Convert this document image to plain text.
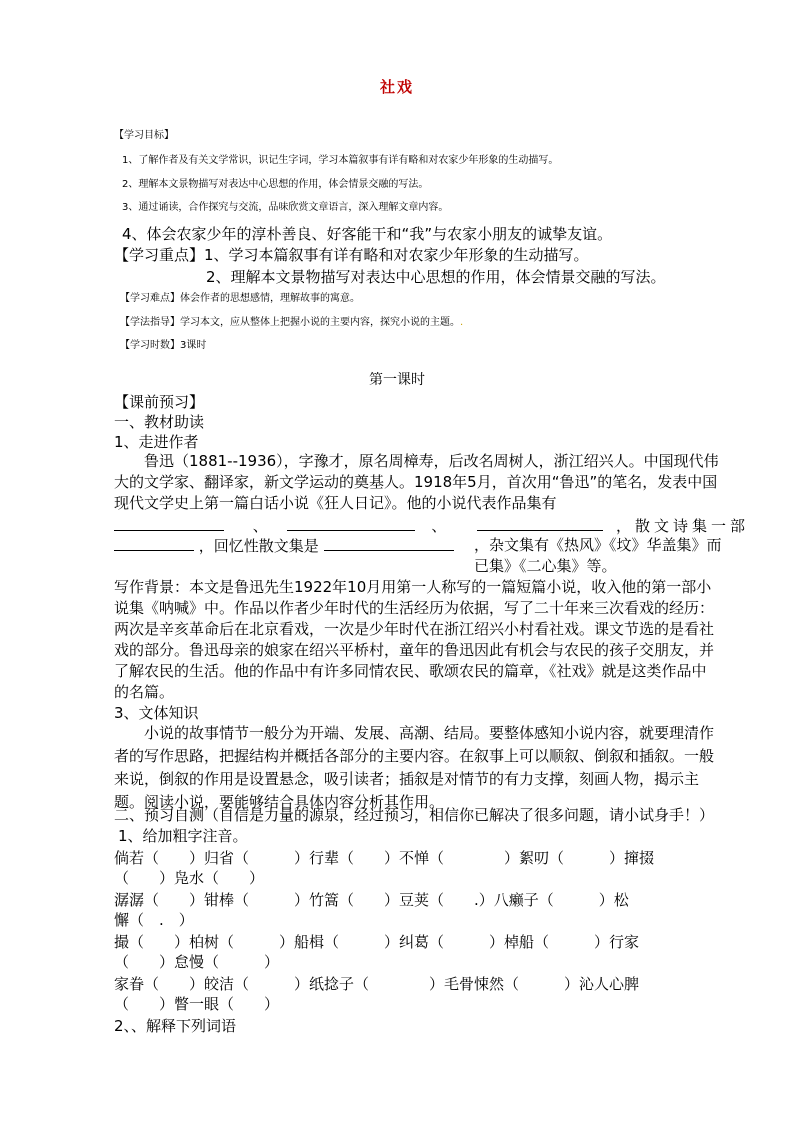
社戏
【学习目标】
1、了解作者及有关文学常识，识记生字词，学习本篇叙事有详有略和对农家少年形象的生动描写。
2、理解本文景物描写对表达中心思想的作用，体会情景交融的写法。
3、通过诵读，合作探究与交流，品味欣赏文章语言，深入理解文章内容。
4、体会农家少年的淳朴善良、好客能干和“我”与农家小朋友的诚挚友谊。
【学习重点】1、学习本篇叙事有详有略和对农家少年形象的生动描写。
2、理解本文景物描写对表达中心思想的作用，体会情景交融的写法。
【学习难点】体会作者的思想感情，理解故事的寓意。
【学法指导】学习本文，应从整体上把握小说的主要内容，探究小说的主题。.
【学习时数】3课时
第一课时
【课前预习】
一、教材助读
1、走进作者
鲁迅（1881--1936），字豫才，原名周樟寿，后改名周树人，浙江绍兴人。中国现代伟大的文学家、翻译家，新文学运动的奠基人。1918年5月，首次用“鲁迅”的笔名，发表中国现代文学史上第一篇白话小说《狂人日记》。他的小说代表作品集有
、	、	，散文诗集一部
，回忆性散文集是	，杂文集有《热风》《坟》华盖集》而已集》《二心集》等。
写作背景：本文是鲁迅先生1922年10月用第一人称写的一篇短篇小说，收入他的第一部小说集《呐喊》中。作品以作者少年时代的生活经历为依据，写了二十年来三次看戏的经历：两次是辛亥革命后在北京看戏，一次是少年时代在浙江绍兴小村看社戏。课文节选的是看社戏的部分。鲁迅母亲的娘家在绍兴平桥村，童年的鲁迅因此有机会与农民的孩子交朋友，并了解农民的生活。他的作品中有许多同情农民、歌颂农民的篇章，《社戏》就是这类作品中的名篇。
3、文体知识
小说的故事情节一般分为开端、发展、高潮、结局。要整体感知小说内容，就要理清作者的写作思路，把握结构并概括各部分的主要内容。在叙事上可以顺叙、倒叙和插叙。一般来说，倒叙的作用是设置悬念，吸引读者；插叙是对情节的有力支撑，刻画人物，揭示主题。阅读小说，要能够结合具体内容分析其作用。
二、预习自测（自信是力量的源泉，经过预习，相信你已解决了很多问题，请小试身手！）
1、给加粗字注音。
倘若（　　）归省（　　　）行辈（　　）不惮（　　　　）絮叨（　　　）撺掇
（　　）凫水（　　）
潺潺（　　）钳棒（　　　）竹篙（　　）豆荚（　　.）八癞子（　　　）松
懈（　.　）
撮（　　）柏树（　　　）船楫（　　　）纠葛（　　　）棹船（　　　）行家
（　　）怠慢（　　　）
家眷（　　）皎洁（　　　）纸捻子（　　　　）毛骨悚然（　　　）沁人心脾
（　　）瞥一眼（　　）
2、、解释下列词语
